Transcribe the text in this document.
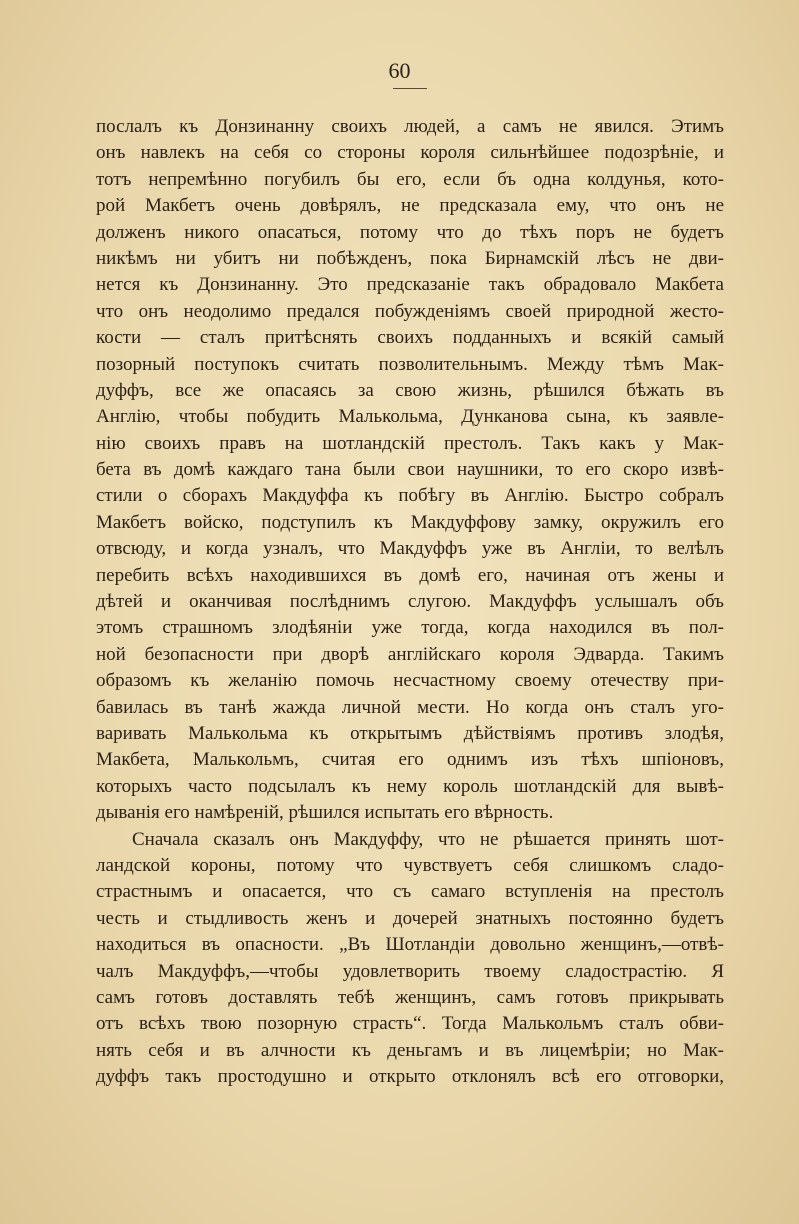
60
послалъ къ Донзинанну своихъ людей, а самъ не явился. Этимъ
онъ навлекъ на себя со стороны короля сильнѣйшее подозрѣніе, и
тотъ непремѣнно погубилъ бы его, если бъ одна колдунья, кото-
рой Макбетъ очень довѣрялъ, не предсказала ему, что онъ не
долженъ никого опасаться, потому что до тѣхъ поръ не будетъ
никѣмъ ни убитъ ни побѣжденъ, пока Бирнамскій лѣсъ не дви-
нется къ Донзинанну. Это предсказаніе такъ обрадовало Макбета
что онъ неодолимо предался побужденіямъ своей природной жесто-
кости — сталъ притѣснять своихъ подданныхъ и всякій самый
позорный поступокъ считать позволительнымъ. Между тѣмъ Мак-
дуффъ, все же опасаясь за свою жизнь, рѣшился бѣжать въ
Англію, чтобы побудить Малькольма, Дунканова сына, къ заявле-
нію своихъ правъ на шотландскій престолъ. Такъ какъ у Мак-
бета въ домѣ каждаго тана были свои наушники, то его скоро извѣ-
стили о сборахъ Макдуффа къ побѣгу въ Англію. Быстро собралъ
Макбетъ войско, подступилъ къ Макдуффову замку, окружилъ его
отвсюду, и когда узналъ, что Макдуффъ уже въ Англіи, то велѣлъ
перебить всѣхъ находившихся въ домѣ его, начиная отъ жены и
дѣтей и оканчивая послѣднимъ слугою. Макдуффъ услышалъ объ
этомъ страшномъ злодѣяніи уже тогда, когда находился въ пол-
ной безопасности при дворѣ англійскаго короля Эдварда. Такимъ
образомъ къ желанію помочь несчастному своему отечеству при-
бавилась въ танѣ жажда личной мести. Но когда онъ сталъ уго-
варивать Малькольма къ открытымъ дѣйствіямъ противъ злодѣя,
Макбета, Малькольмъ, считая его однимъ изъ тѣхъ шпіоновъ,
которыхъ часто подсылалъ къ нему король шотландскій для вывѣ-
дыванія его намѣреній, рѣшился испытать его вѣрность.
Сначала сказалъ онъ Макдуффу, что не рѣшается принять шот-
ландской короны, потому что чувствуетъ себя слишкомъ сладо-
страстнымъ и опасается, что съ самаго вступленія на престолъ
честь и стыдливость женъ и дочерей знатныхъ постоянно будетъ
находиться въ опасности. „Въ Шотландіи довольно женщинъ,—отвѣ-
чалъ Макдуффъ,—чтобы удовлетворить твоему сладострастію. Я
самъ готовъ доставлять тебѣ женщинъ, самъ готовъ прикрывать
отъ всѣхъ твою позорную страсть“. Тогда Малькольмъ сталъ обви-
нять себя и въ алчности къ деньгамъ и въ лицемѣріи; но Мак-
дуффъ такъ простодушно и открыто отклонялъ всѣ его отговорки,
